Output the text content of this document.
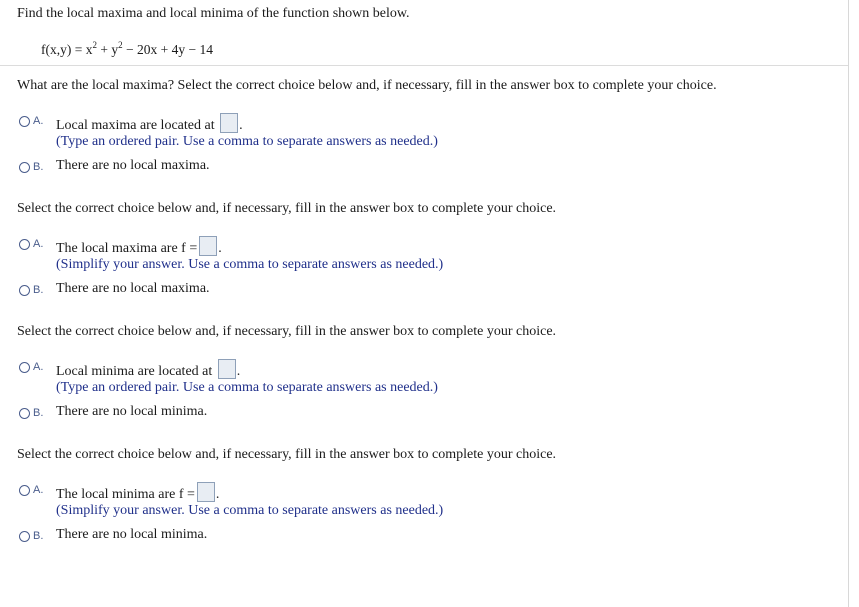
Find the local maxima and local minima of the function shown below.
$f(x,y) = x^2 + y^2 - 20x + 4y - 14$
What are the local maxima? Select the correct choice below and, if necessary, fill in the answer box to complete your choice.
A. Local maxima are located at .
(Type an ordered pair. Use a comma to separate answers as needed.)
B. There are no local maxima.
Select the correct choice below and, if necessary, fill in the answer box to complete your choice.
A. The local maxima are f = .
(Simplify your answer. Use a comma to separate answers as needed.)
B. There are no local maxima.
Select the correct choice below and, if necessary, fill in the answer box to complete your choice.
A. Local minima are located at .
(Type an ordered pair. Use a comma to separate answers as needed.)
B. There are no local minima.
Select the correct choice below and, if necessary, fill in the answer box to complete your choice.
A. The local minima are f = .
(Simplify your answer. Use a comma to separate answers as needed.)
B. There are no local minima.
